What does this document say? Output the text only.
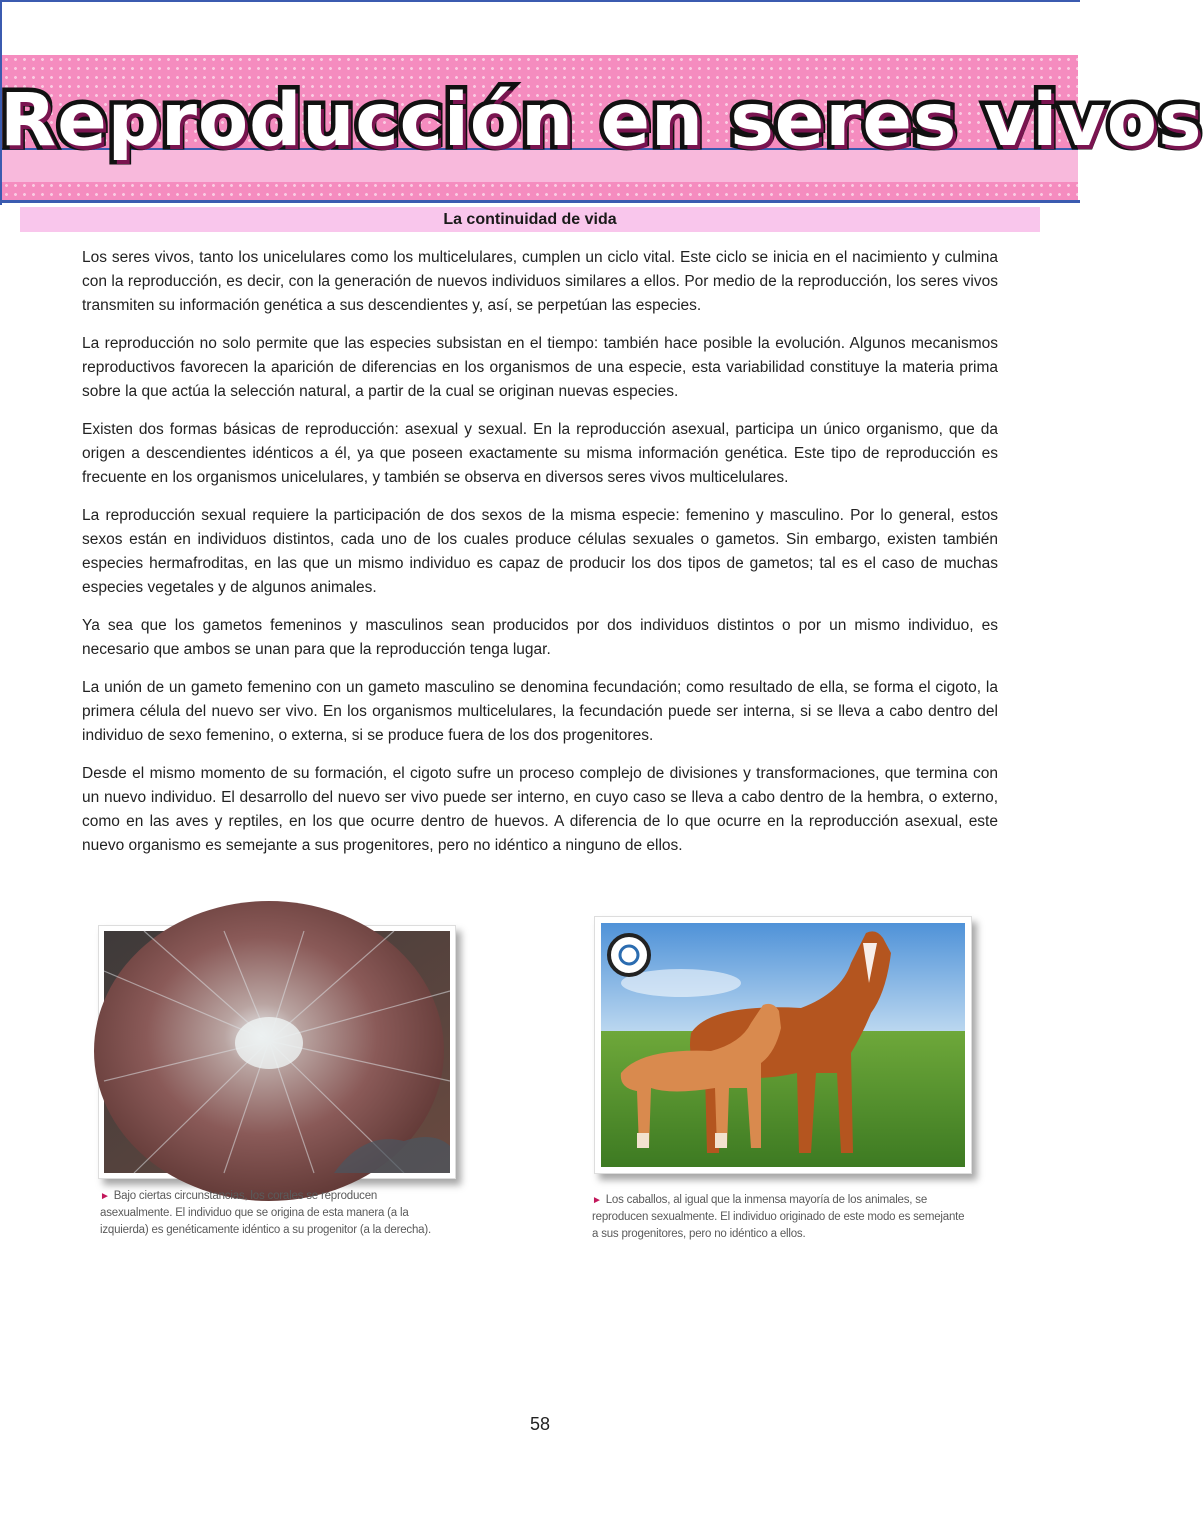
Reproducción en seres vivos
La continuidad de vida

Los seres vivos, tanto los unicelulares como los multicelulares, cumplen un ciclo vital. Este ciclo se inicia en el nacimiento y culmina con la reproducción, es decir, con la generación de nuevos individuos similares a ellos. Por medio de la reproducción, los seres vivos transmiten su información genética a sus descendientes y, así, se perpetúan las especies.

La reproducción no solo permite que las especies subsistan en el tiempo: también hace posible la evolución. Algunos mecanismos reproductivos favorecen la aparición de diferencias en los organismos de una especie, esta variabilidad constituye la materia prima sobre la que actúa la selección natural, a partir de la cual se originan nuevas especies.

Existen dos formas básicas de reproducción: asexual y sexual. En la reproducción asexual, participa un único organismo, que da origen a descendientes idénticos a él, ya que poseen exactamente su misma información genética. Este tipo de reproducción es frecuente en los organismos unicelulares, y también se observa en diversos seres vivos multicelulares.

La reproducción sexual requiere la participación de dos sexos de la misma especie: femenino y masculino. Por lo general, estos sexos están en individuos distintos, cada uno de los cuales produce células sexuales o gametos. Sin embargo, existen también especies hermafroditas, en las que un mismo individuo es capaz de producir los dos tipos de gametos; tal es el caso de muchas especies vegetales y de algunos animales.

Ya sea que los gametos femeninos y masculinos sean producidos por dos individuos distintos o por un mismo individuo, es necesario que ambos se unan para que la reproducción tenga lugar.

La unión de un gameto femenino con un gameto masculino se denomina fecundación; como resultado de ella, se forma el cigoto, la primera célula del nuevo ser vivo. En los organismos multicelulares, la fecundación puede ser interna, si se lleva a cabo dentro del individuo de sexo femenino, o externa, si se produce fuera de los dos progenitores.

Desde el mismo momento de su formación, el cigoto sufre un proceso complejo de divisiones y transformaciones, que termina con un nuevo individuo. El desarrollo del nuevo ser vivo puede ser interno, en cuyo caso se lleva a cabo dentro de la hembra, o externo, como en las aves y reptiles, en los que ocurre dentro de huevos. A diferencia de lo que ocurre en la reproducción asexual, este nuevo organismo es semejante a sus progenitores, pero no idéntico a ninguno de ellos.

► Bajo ciertas circunstancias, los corales se reproducen asexualmente. El individuo que se origina de esta manera (a la izquierda) es genéticamente idéntico a su progenitor (a la derecha).
► Los caballos, al igual que la inmensa mayoría de los animales, se reproducen sexualmente. El individuo originado de este modo es semejante a sus progenitores, pero no idéntico a ellos.
58
